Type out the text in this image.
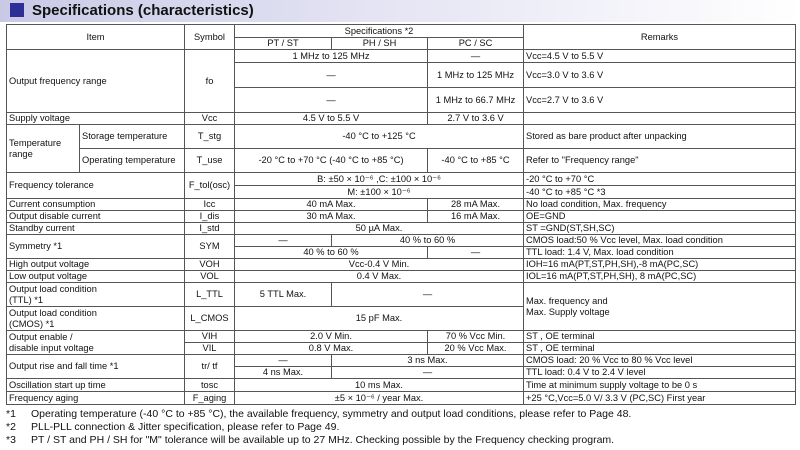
Specifications (characteristics)
Item		Symbol	Specifications *2			Remarks
			PT / ST	PH / SH	PC / SC	
Output frequency range		fo	1 MHz to 125 MHz		—	Vcc=4.5 V to 5.5 V
			—		1 MHz to 125 MHz	Vcc=3.0 V to 3.6 V
			—		1 MHz to 66.7 MHz	Vcc=2.7 V to 3.6 V
Supply voltage		Vcc	4.5 V to 5.5 V		2.7 V to 3.6 V	
Temperature range	Storage temperature	T_stg	-40 °C to +125 °C			Stored as bare product after unpacking
	Operating temperature	T_use	-20 °C to +70 °C (-40 °C to +85 °C)		-40 °C to +85 °C	Refer to "Frequency range"
Frequency tolerance		F_tol(osc)	B: ±50 × 10⁻⁶ ,C: ±100 × 10⁻⁶			-20 °C to +70 °C
			M: ±100 × 10⁻⁶			-40 °C to +85 °C *3
Current consumption		Icc	40 mA Max.		28 mA Max.	No load condition, Max. frequency
Output disable current		I_dis	30 mA Max.		16 mA Max.	OE=GND
Standby current		I_std	50 µA Max.			$\overline{ST} =GND(ST,SH,SC)$
Symmetry *1		SYM	—	40 % to 60 %		CMOS load:50 % Vcc level, Max. load condition
			40 % to 60 %		—	TTL load: 1.4 V, Max. load condition
High output voltage		VOH	Vcc-0.4 V Min.			IOH=16 mA(PT,ST,PH,SH),-8 mA(PC,SC)
Low output voltage		VOL	0.4 V Max.			IOL=16 mA(PT,ST,PH,SH), 8 mA(PC,SC)
Output load condition
(TTL) *1		L_TTL	5 TTL Max.	—		Max. frequency and
Max. Supply voltage
Output load condition
(CMOS) *1		L_CMOS	15 pF Max.			
Output enable /
disable input voltage		VIH	2.0 V Min.		70 % Vcc Min.	$\overline{ST}$ , OE terminal
		VIL	0.8 V Max.		20 % Vcc Max.	$\overline{ST}$ , OE terminal
Output rise and fall time *1		tr/ tf	—	3 ns Max.		CMOS load: 20 % Vcc to 80 % Vcc level
			4 ns Max.	—		TTL load: 0.4 V to 2.4 V level
Oscillation start up time		tosc	10 ms Max.			Time at minimum supply voltage to be 0 s
Frequency aging		F_aging	±5 × 10⁻⁶ / year Max.			+25 °C,Vcc=5.0 V/ 3.3 V (PC,SC) First year
*1 Operating temperature (-40 °C to +85 °C), the available frequency, symmetry and output load conditions, please refer to Page 48.
*2 PLL-PLL connection & Jitter specification, please refer to Page 49.
*3 PT / ST and PH / SH for "M" tolerance will be available up to 27 MHz. Checking possible by the Frequency checking program.
